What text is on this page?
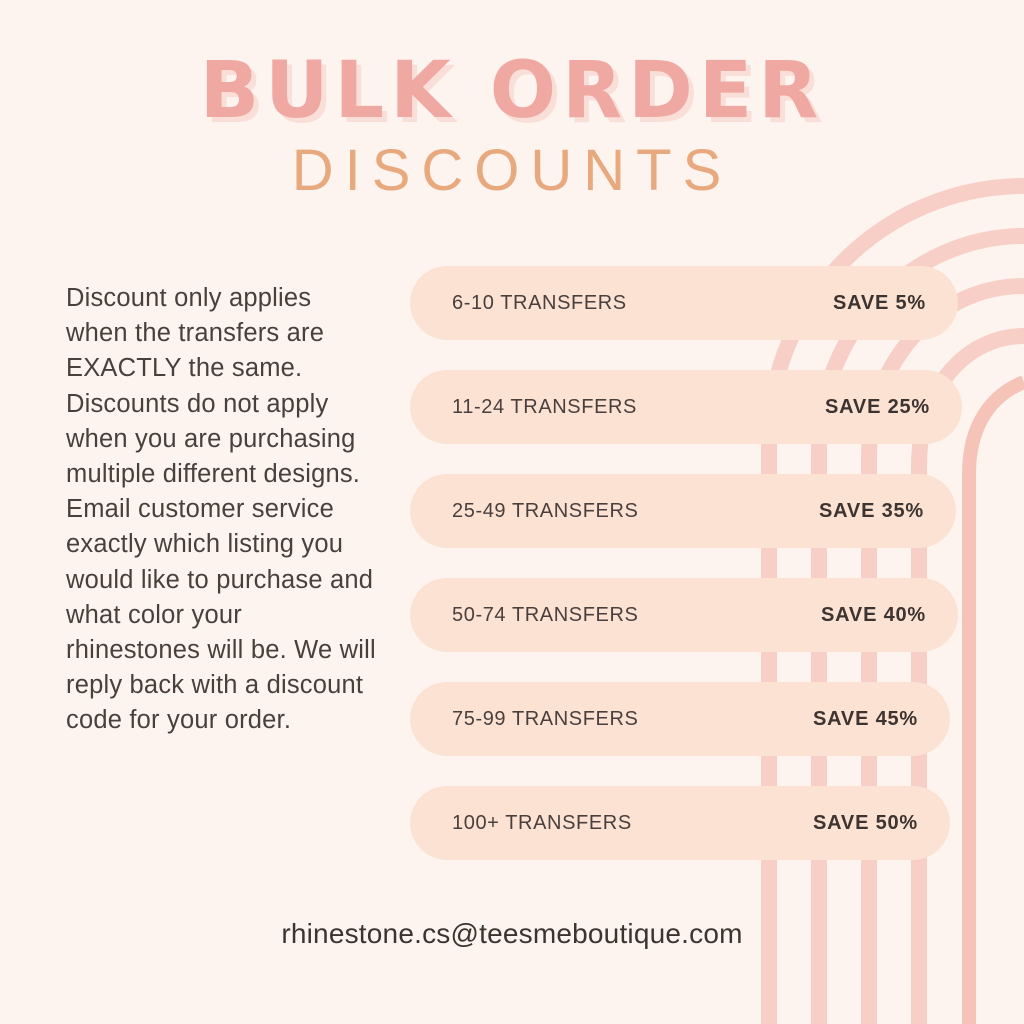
BULK ORDER
DISCOUNTS
Discount only applies when the transfers are EXACTLY the same. Discounts do not apply when you are purchasing multiple different designs. Email customer service exactly which listing you would like to purchase and what color your rhinestones will be. We will reply back with a discount code for your order.
6-10 TRANSFERS	SAVE 5%
11-24 TRANSFERS	SAVE 25%
25-49 TRANSFERS	SAVE 35%
50-74 TRANSFERS	SAVE 40%
75-99 TRANSFERS	SAVE 45%
100+ TRANSFERS	SAVE 50%
rhinestone.cs@teesmeboutique.com
